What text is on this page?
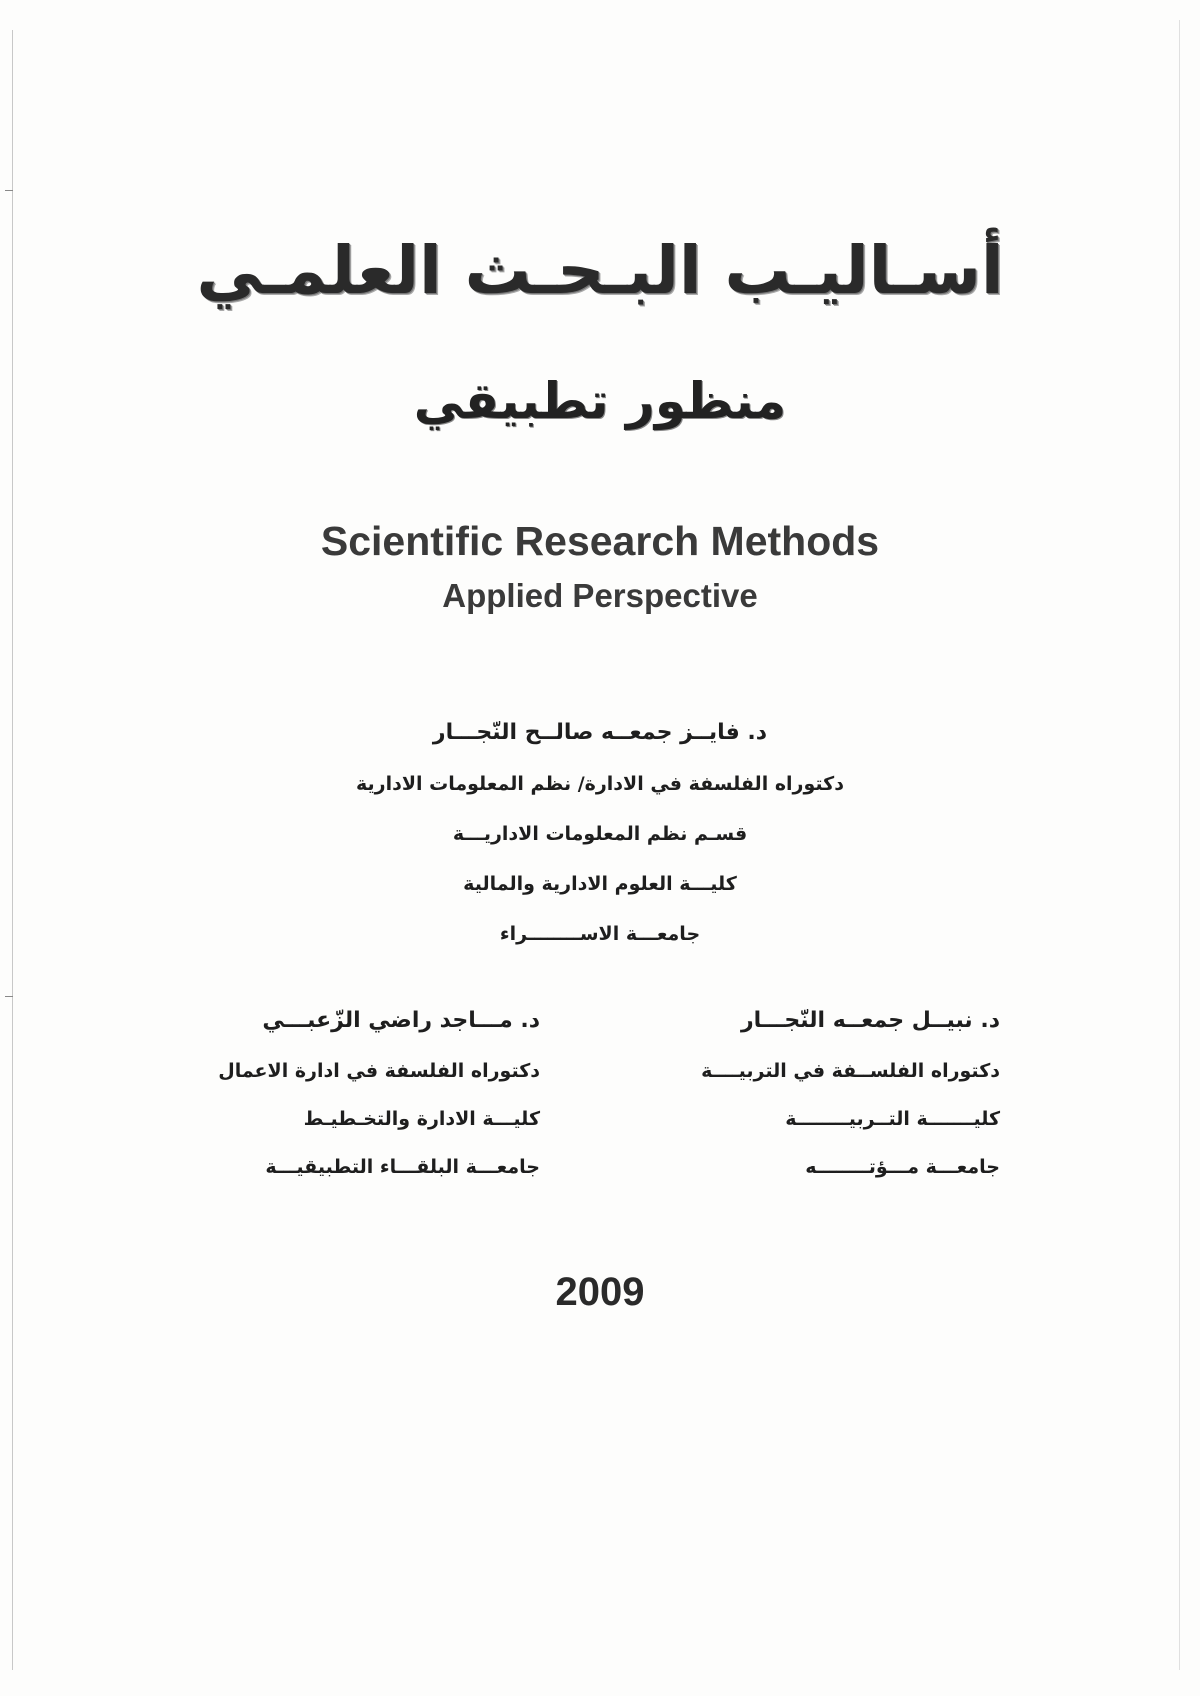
أسـاليـب البـحـث العلمـي
منظور تطبيقي
Scientific Research Methods
Applied Perspective
د. فايــز جمعــه صالــح النّجـــار
دكتوراه الفلسفة في الادارة/ نظم المعلومات الادارية
قسـم نظم المعلومات الاداريـــة
كليـــة العلوم الادارية والمالية
جامعـــة الاســــــــراء
د. نبيــل جمعــه النّجـــار
دكتوراه الفلســفة في التربيــــة
كليـــــــة التــربيــــــــة
جامعـــة مـــؤتــــــــه
د. مـــاجد راضي الزّعبـــي
دكتوراه الفلسفة في ادارة الاعمال
كليـــة الادارة والتخـطيـط
جامعـــة البلقـــاء التطبيقيـــة
2009
